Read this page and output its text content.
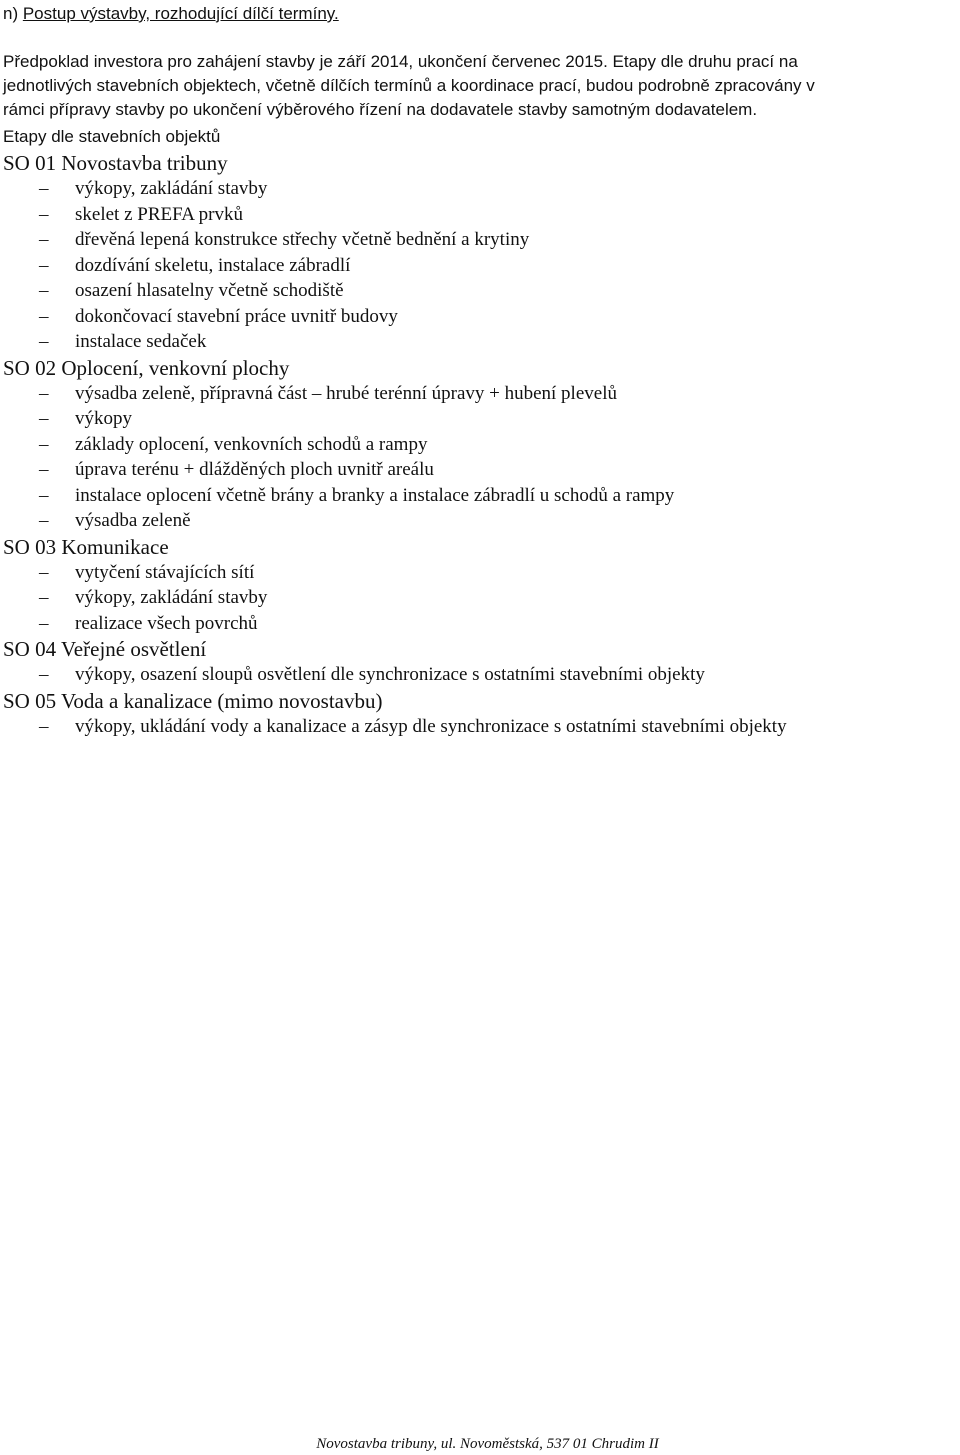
n) Postup výstavby, rozhodující dílčí termíny.
Předpoklad investora pro zahájení stavby je září 2014, ukončení červenec 2015. Etapy dle druhu prací na
jednotlivých stavebních objektech, včetně dílčích termínů a koordinace prací, budou podrobně zpracovány v
rámci přípravy stavby po ukončení výběrového řízení na dodavatele stavby samotným dodavatelem.
Etapy dle stavebních objektů
SO 01 Novostavba tribuny
– výkopy, zakládání stavby
– skelet z PREFA prvků
– dřevěná lepená konstrukce střechy včetně bednění a krytiny
– dozdívání skeletu, instalace zábradlí
– osazení hlasatelny včetně schodiště
– dokončovací stavební práce uvnitř budovy
– instalace sedaček
SO 02 Oplocení, venkovní plochy
– výsadba zeleně, přípravná část – hrubé terénní úpravy + hubení plevelů
– výkopy
– základy oplocení, venkovních schodů a rampy
– úprava terénu + dlážděných ploch uvnitř areálu
– instalace oplocení včetně brány a branky a instalace zábradlí u schodů a rampy
– výsadba zeleně
SO 03 Komunikace
– vytyčení stávajících sítí
– výkopy, zakládání stavby
– realizace všech povrchů
SO 04 Veřejné osvětlení
– výkopy, osazení sloupů osvětlení dle synchronizace s ostatními stavebními objekty
SO 05 Voda a kanalizace (mimo novostavbu)
– výkopy, ukládání vody a kanalizace a zásyp dle synchronizace s ostatními stavebními objekty
Novostavba tribuny, ul. Novoměstská, 537 01 Chrudim II
